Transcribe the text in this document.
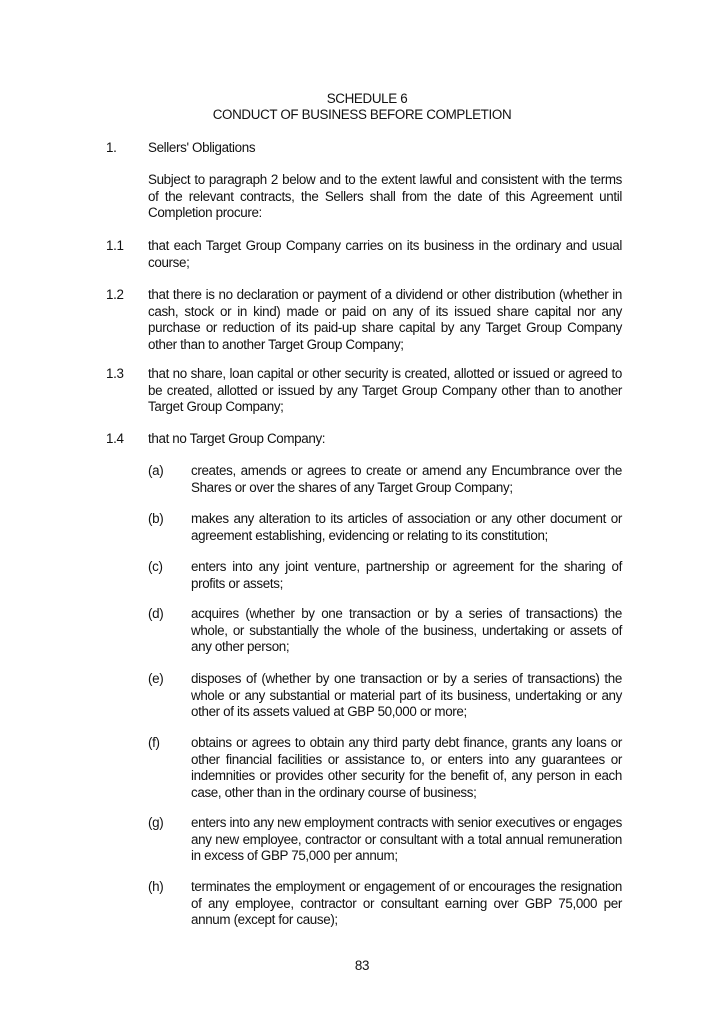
SCHEDULE 6
CONDUCT OF BUSINESS BEFORE COMPLETION
1. Sellers' Obligations
Subject to paragraph 2 below and to the extent lawful and consistent with the terms of the relevant contracts, the Sellers shall from the date of this Agreement until Completion procure:
1.1 that each Target Group Company carries on its business in the ordinary and usual course;
1.2 that there is no declaration or payment of a dividend or other distribution (whether in cash, stock or in kind) made or paid on any of its issued share capital nor any purchase or reduction of its paid-up share capital by any Target Group Company other than to another Target Group Company;
1.3 that no share, loan capital or other security is created, allotted or issued or agreed to be created, allotted or issued by any Target Group Company other than to another Target Group Company;
1.4 that no Target Group Company:
(a) creates, amends or agrees to create or amend any Encumbrance over the Shares or over the shares of any Target Group Company;
(b) makes any alteration to its articles of association or any other document or agreement establishing, evidencing or relating to its constitution;
(c) enters into any joint venture, partnership or agreement for the sharing of profits or assets;
(d) acquires (whether by one transaction or by a series of transactions) the whole, or substantially the whole of the business, undertaking or assets of any other person;
(e) disposes of (whether by one transaction or by a series of transactions) the whole or any substantial or material part of its business, undertaking or any other of its assets valued at GBP 50,000 or more;
(f) obtains or agrees to obtain any third party debt finance, grants any loans or other financial facilities or assistance to, or enters into any guarantees or indemnities or provides other security for the benefit of, any person in each case, other than in the ordinary course of business;
(g) enters into any new employment contracts with senior executives or engages any new employee, contractor or consultant with a total annual remuneration in excess of GBP 75,000 per annum;
(h) terminates the employment or engagement of or encourages the resignation of any employee, contractor or consultant earning over GBP 75,000 per annum (except for cause);
83
